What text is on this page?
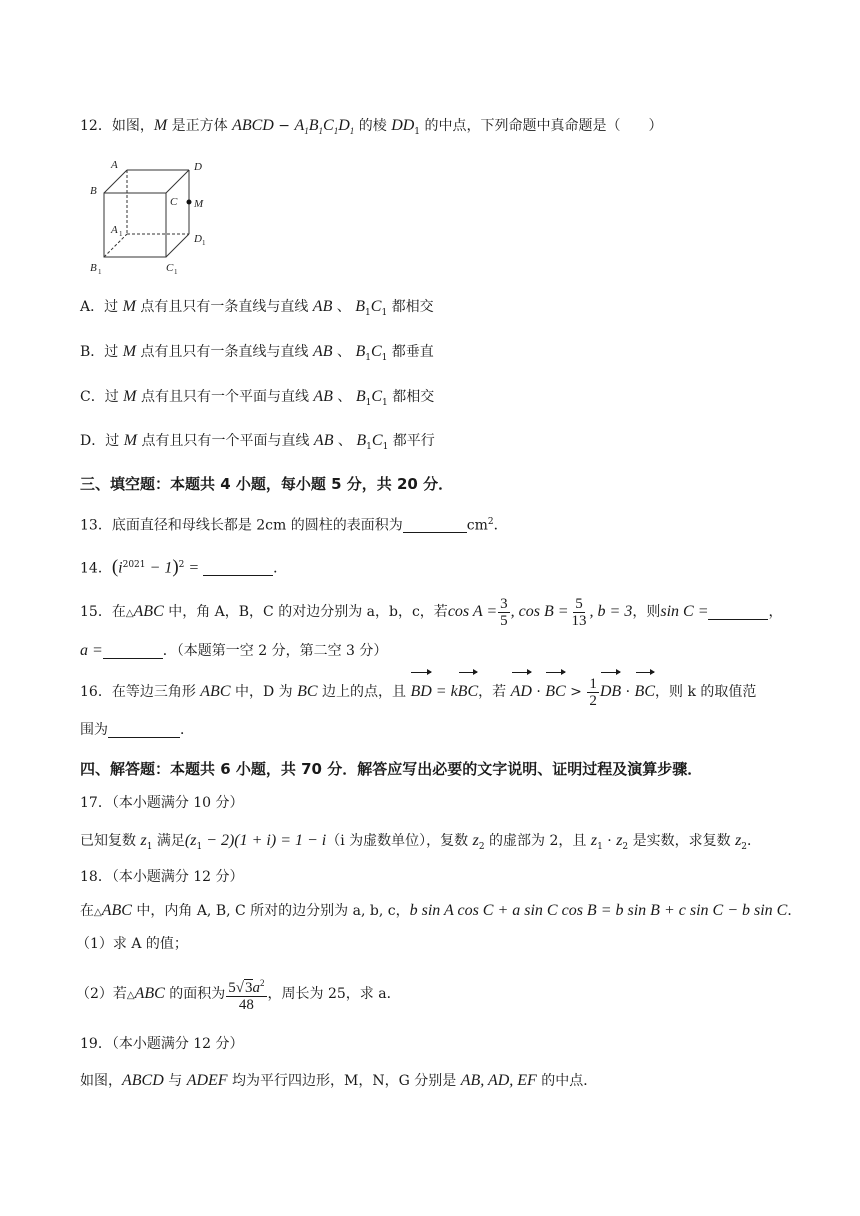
12．如图，M 是正方体 ABCD − $A_1B_1C_1D_1$ 的棱 $DD_1$ 的中点，下列命题中真命题是（　　）
A	D
B
C M
A 1	D 1
B 1	C 1
A．过 M 点有且只有一条直线与直线 AB 、 $B_1C_1$ 都相交
B．过 M 点有且只有一条直线与直线 AB 、 $B_1C_1$ 都垂直
C．过 M 点有且只有一个平面与直线 AB 、 $B_1C_1$ 都相交
D．过 M 点有且只有一个平面与直线 AB 、 $B_1C_1$ 都平行
三、填空题：本题共 4 小题，每小题 5 分，共 20 分．
13．底面直径和母线长都是 2cm 的圆柱的表面积为	$cm^2$．
14．$(i^{2021} - 1)^2$ =	．
15．在△ABC 中，角 A，B，C 的对边分别为 a，b，c，若$\cos A = \frac{3}{5}$ , $\cos B = \frac{5}{13}$ , b = 3，则sin C =	，
a =	．（本题第一空 2 分，第二空 3 分）
16．在等边三角形 ABC 中，D 为 BC 边上的点，且 BD = kBC，若 AD · BC > $\frac{1}{2}$ DB · BC，则 k 的取值范
围为	．
四、解答题：本题共 6 小题，共 70 分．解答应写出必要的文字说明、证明过程及演算步骤．
17．（本小题满分 10 分）
已知复数 $z_1$ 满足$(z_1 - 2)(1 + i) = 1 - i(i$ 为虚数单位），复数 $z_2$ 的虚部为 2，且 $z_1 \cdot z_2$ 是实数，求复数 $z_2$．
18．（本小题满分 12 分）
在△ABC 中，内角 A, B, C 所对的边分别为 a, b, c，b sin A cos C + a sin C cos B = b sin B + c sin C − b sin C．
（1）求 A 的值；
（2）若△ABC 的面积为 $\frac{5√3a^2}{48}$ ，周长为 25，求 a．
19．（本小题满分 12 分）
如图，ABCD 与 ADEF 均为平行四边形，M，N，G 分别是 AB, AD, EF 的中点．
